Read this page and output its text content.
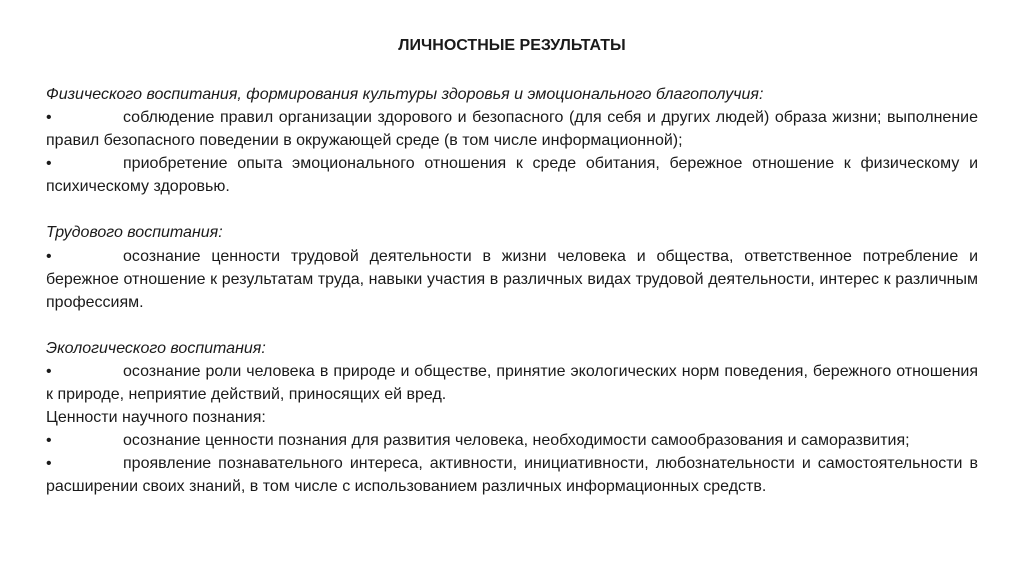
ЛИЧНОСТНЫЕ РЕЗУЛЬТАТЫ

Физического воспитания, формирования культуры здоровья и эмоционального благополучия:

•	соблюдение правил организации здорового и безопасного (для себя и других людей) образа жизни; выполнение правил безопасного поведении в окружающей среде (в том числе информационной);

•	приобретение опыта эмоционального отношения к среде обитания, бережное отношение к физическому и психическому здоровью.

Трудового воспитания:

•	осознание ценности трудовой деятельности в жизни человека и общества, ответственное потребление и бережное отношение к результатам труда, навыки участия в различных видах трудовой деятельности, интерес к различным профессиям.

Экологического воспитания:

•	осознание роли человека в природе и обществе, принятие экологических норм поведения, бережного отношения к природе, неприятие действий, приносящих ей вред.

Ценности научного познания:

•	осознание ценности познания для развития человека, необходимости самообразования и саморазвития;

•	проявление познавательного интереса, активности, инициативности, любознательности и самостоятельности в расширении своих знаний, в том числе с использованием различных информационных средств.
